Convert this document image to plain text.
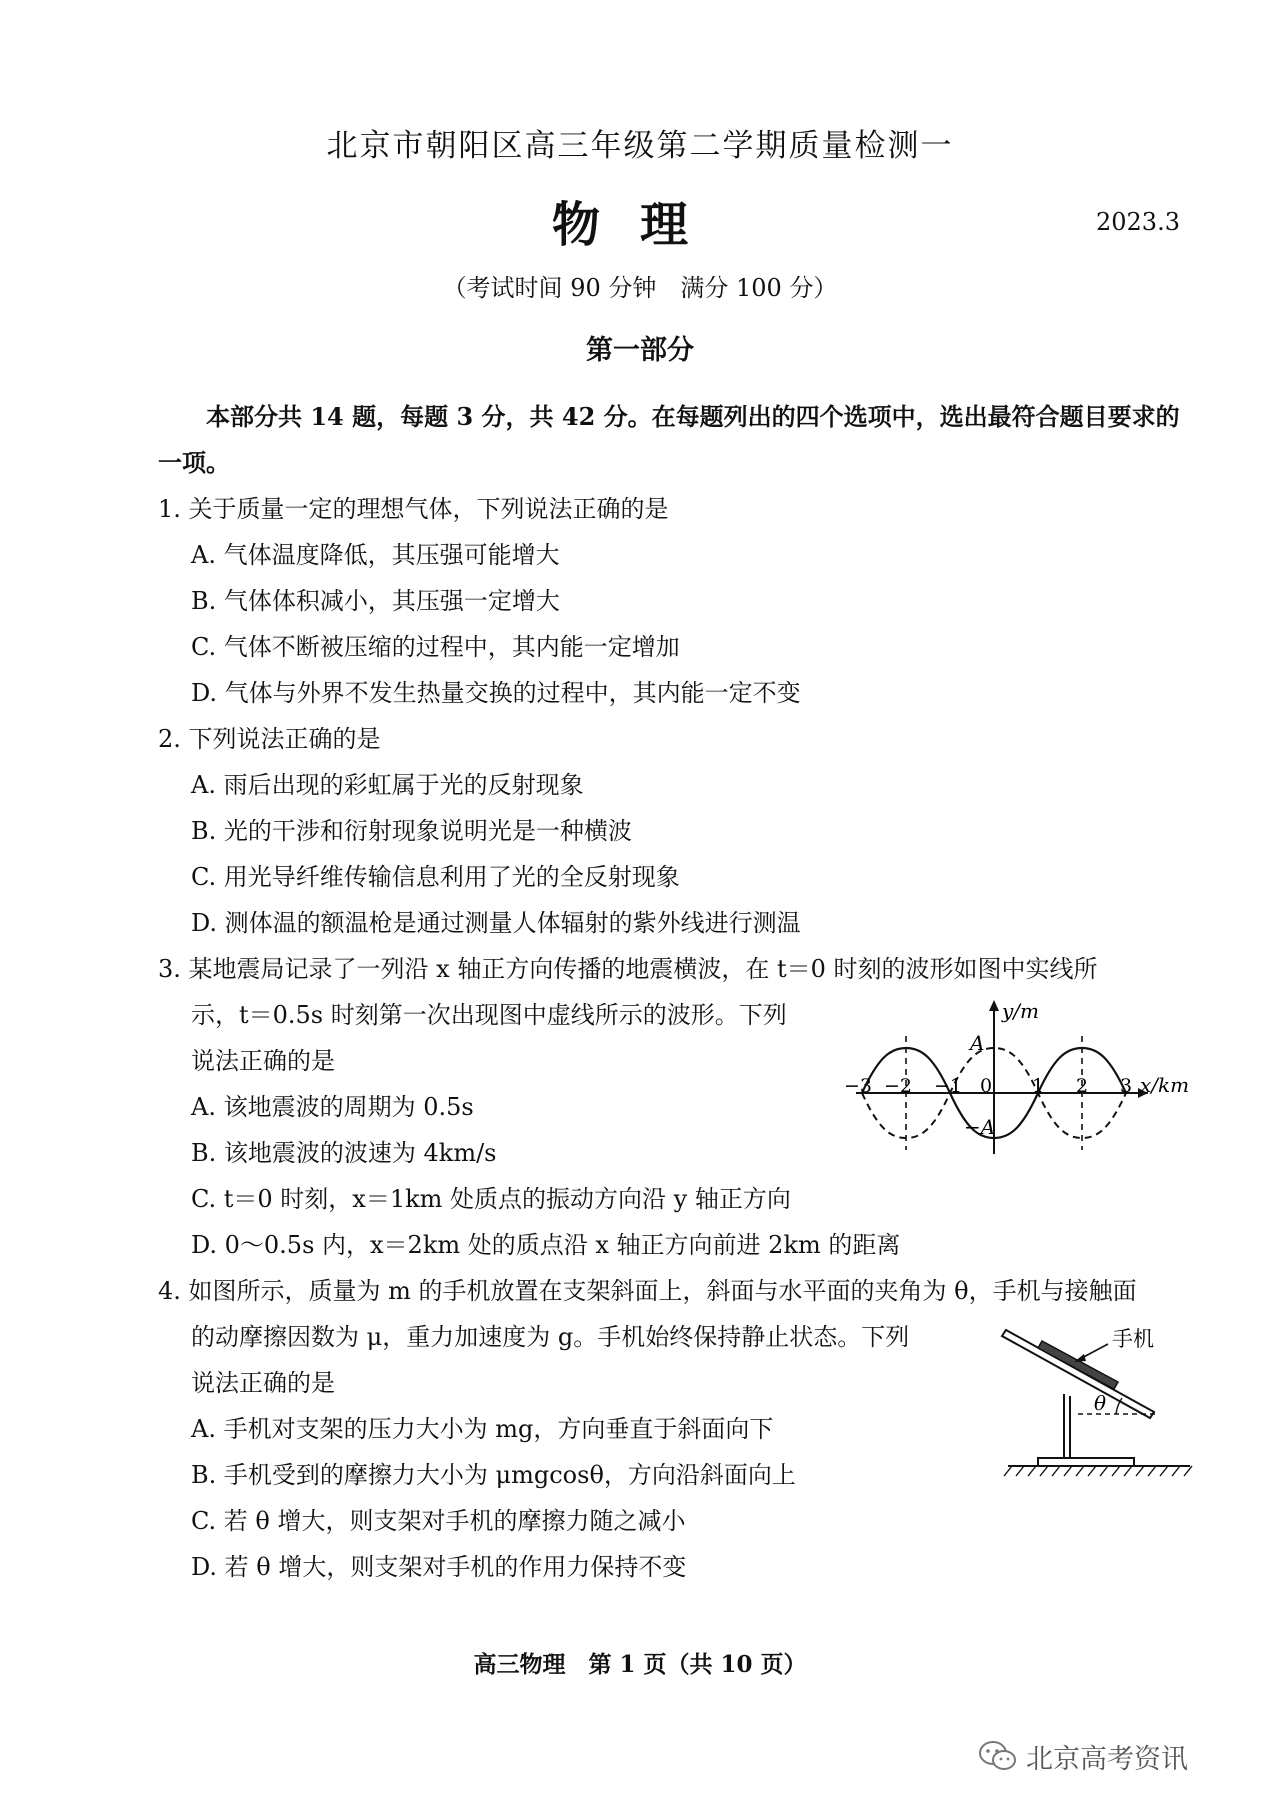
北京市朝阳区高三年级第二学期质量检测一
物理	2023.3
（考试时间 90 分钟　满分 100 分）
第一部分
本部分共 14 题，每题 3 分，共 42 分。在每题列出的四个选项中，选出最符合题目要求的一项。
1. 关于质量一定的理想气体，下列说法正确的是
A. 气体温度降低，其压强可能增大
B. 气体体积减小，其压强一定增大
C. 气体不断被压缩的过程中，其内能一定增加
D. 气体与外界不发生热量交换的过程中，其内能一定不变
2. 下列说法正确的是
A. 雨后出现的彩虹属于光的反射现象
B. 光的干涉和衍射现象说明光是一种横波
C. 用光导纤维传输信息利用了光的全反射现象
D. 测体温的额温枪是通过测量人体辐射的紫外线进行测温
3. 某地震局记录了一列沿 x 轴正方向传播的地震横波，在 t＝0 时刻的波形如图中实线所
示，t＝0.5s 时刻第一次出现图中虚线所示的波形。下列
说法正确的是
A. 该地震波的周期为 0.5s
B. 该地震波的波速为 4km/s
C. t＝0 时刻，x＝1km 处质点的振动方向沿 y 轴正方向
D. 0～0.5s 内，x＝2km 处的质点沿 x 轴正方向前进 2km 的距离
y/m
A
−A
0
−3 −2 −1	1 2 3 x/km
4. 如图所示，质量为 m 的手机放置在支架斜面上，斜面与水平面的夹角为 θ，手机与接触面
的动摩擦因数为 μ，重力加速度为 g。手机始终保持静止状态。下列
说法正确的是
A. 手机对支架的压力大小为 mg，方向垂直于斜面向下
B. 手机受到的摩擦力大小为 μmgcosθ，方向沿斜面向上
C. 若 θ 增大，则支架对手机的摩擦力随之减小
D. 若 θ 增大，则支架对手机的作用力保持不变
θ
手机
高三物理　第 1 页（共 10 页）
北京高考资讯
